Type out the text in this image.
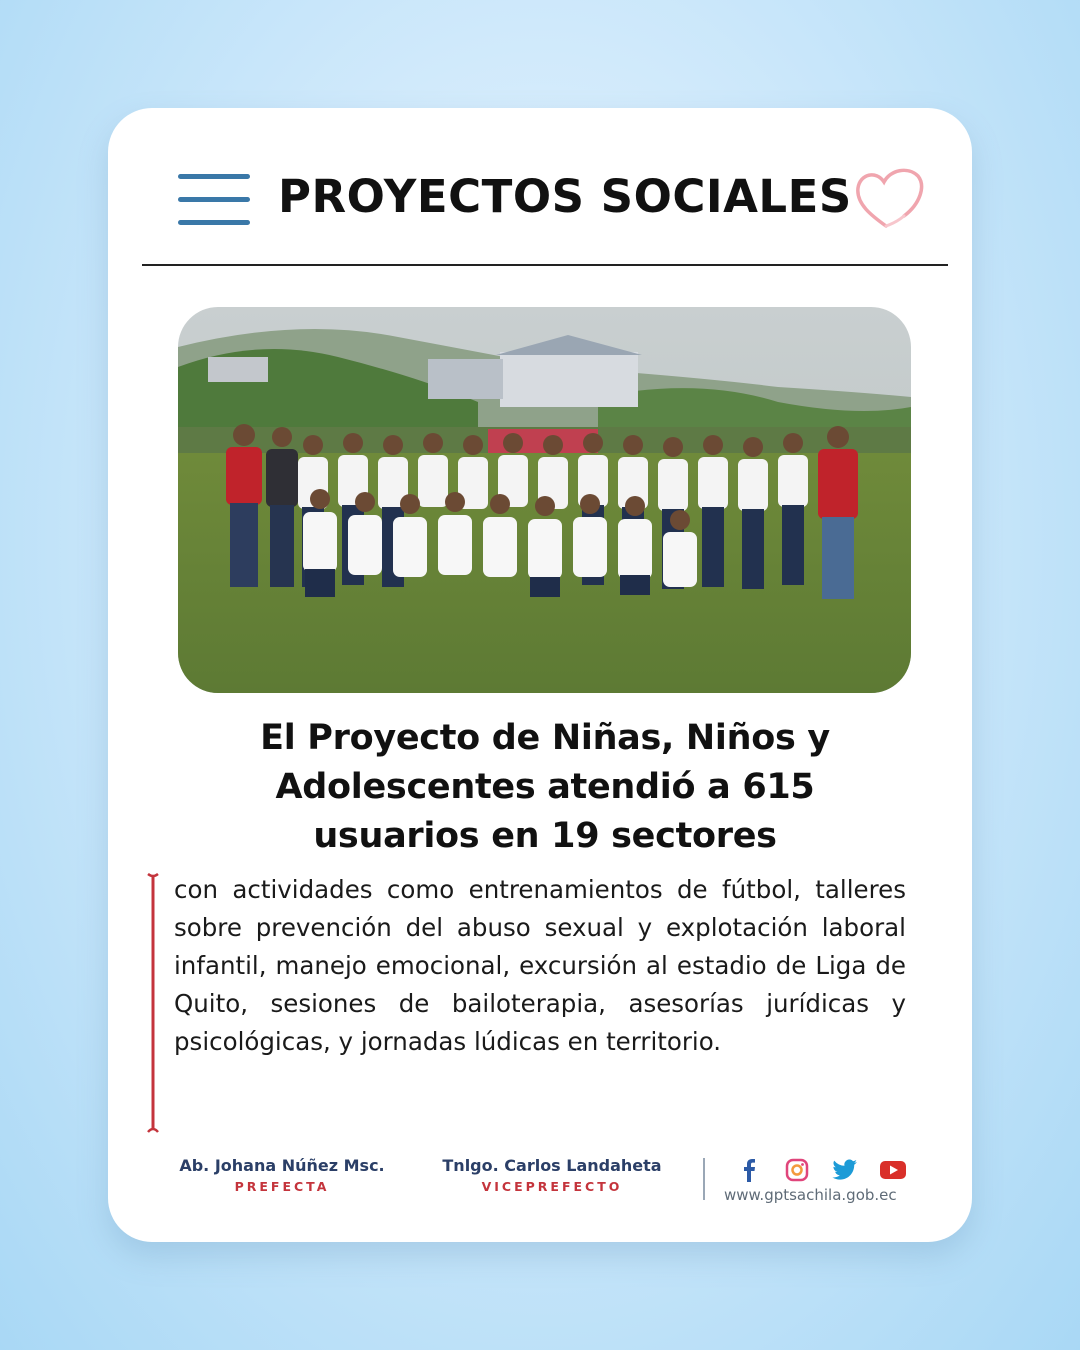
PROYECTOS SOCIALES
El Proyecto de Niñas, Niños y
Adolescentes atendió a 615
usuarios en 19 sectores
con actividades como entrenamientos de fútbol, talleres sobre prevención del abuso sexual y explotación laboral infantil, manejo emocional, excursión al estadio de Liga de Quito, sesiones de bailoterapia, asesorías jurídicas y psicológicas, y jornadas lúdicas en territorio.
Ab. Johana Núñez Msc.
PREFECTA
Tnlgo. Carlos Landaheta
VICEPREFECTO	www.gptsachila.gob.ec
